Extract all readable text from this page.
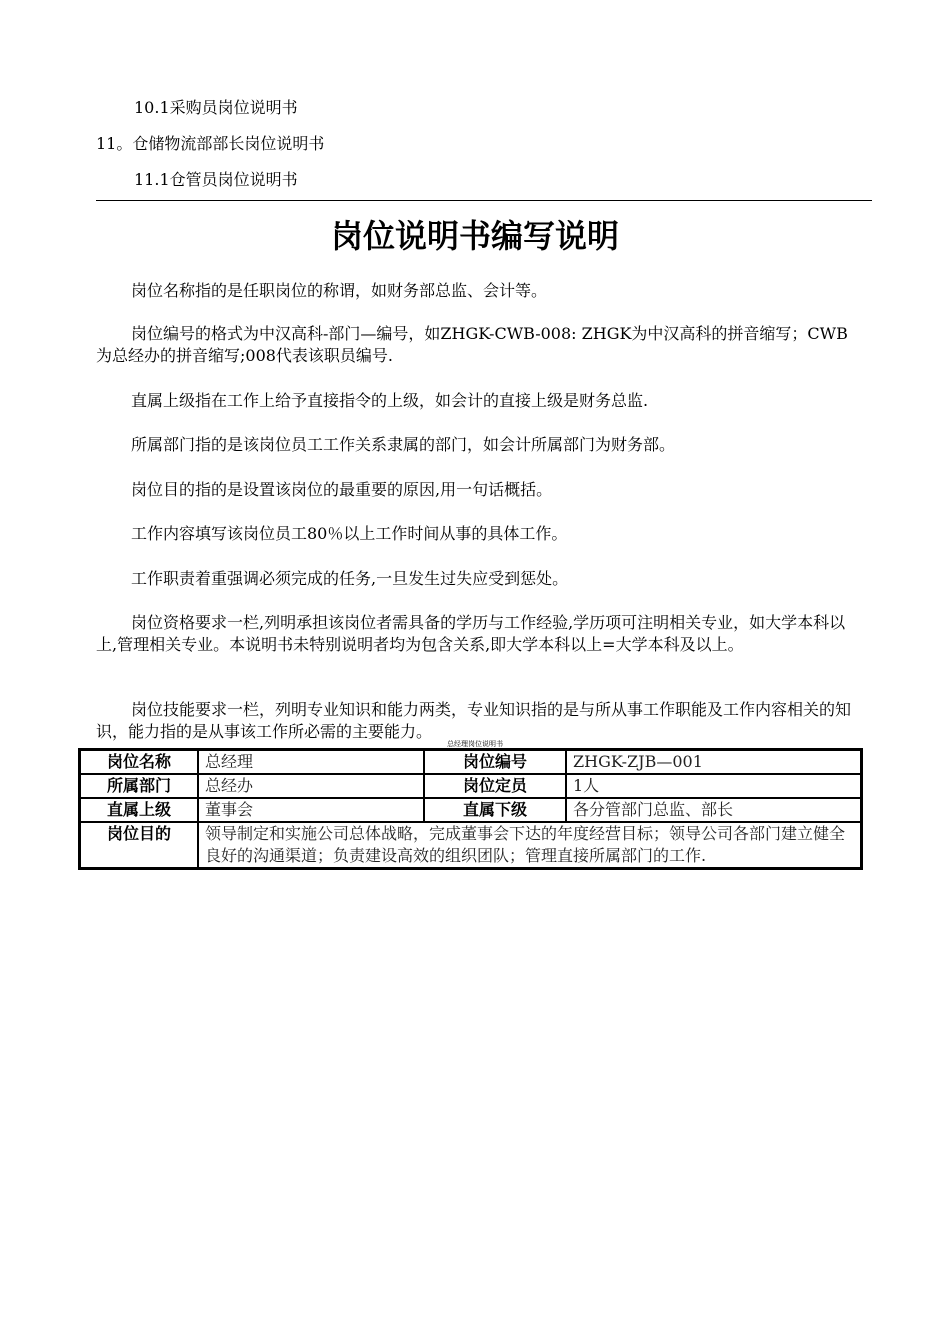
10.1采购员岗位说明书
11。仓储物流部部长岗位说明书
11.1仓管员岗位说明书
岗位说明书编写说明
岗位名称指的是任职岗位的称谓，如财务部总监、会计等。
岗位编号的格式为中汉高科-部门—编号，如ZHGK-CWB-008: ZHGK为中汉高科的拼音缩写；CWB为总经办的拼音缩写;008代表该职员编号.
直属上级指在工作上给予直接指令的上级，如会计的直接上级是财务总监.
所属部门指的是该岗位员工工作关系隶属的部门，如会计所属部门为财务部。
岗位目的指的是设置该岗位的最重要的原因,用一句话概括。
工作内容填写该岗位员工80％以上工作时间从事的具体工作。
工作职责着重强调必须完成的任务,一旦发生过失应受到惩处。
岗位资格要求一栏,列明承担该岗位者需具备的学历与工作经验,学历项可注明相关专业，如大学本科以上,管理相关专业。本说明书未特别说明者均为包含关系,即大学本科以上=大学本科及以上。
岗位技能要求一栏，列明专业知识和能力两类，专业知识指的是与所从事工作职能及工作内容相关的知识，能力指的是从事该工作所必需的主要能力。
总经理岗位说明书
岗位名称	总经理	岗位编号	ZHGK-ZJB—001
所属部门	总经办	岗位定员	1人
直属上级	董事会	直属下级	各分管部门总监、部长
岗位目的	领导制定和实施公司总体战略，完成董事会下达的年度经营目标；领导公司各部门建立健全良好的沟通渠道；负责建设高效的组织团队；管理直接所属部门的工作.		
